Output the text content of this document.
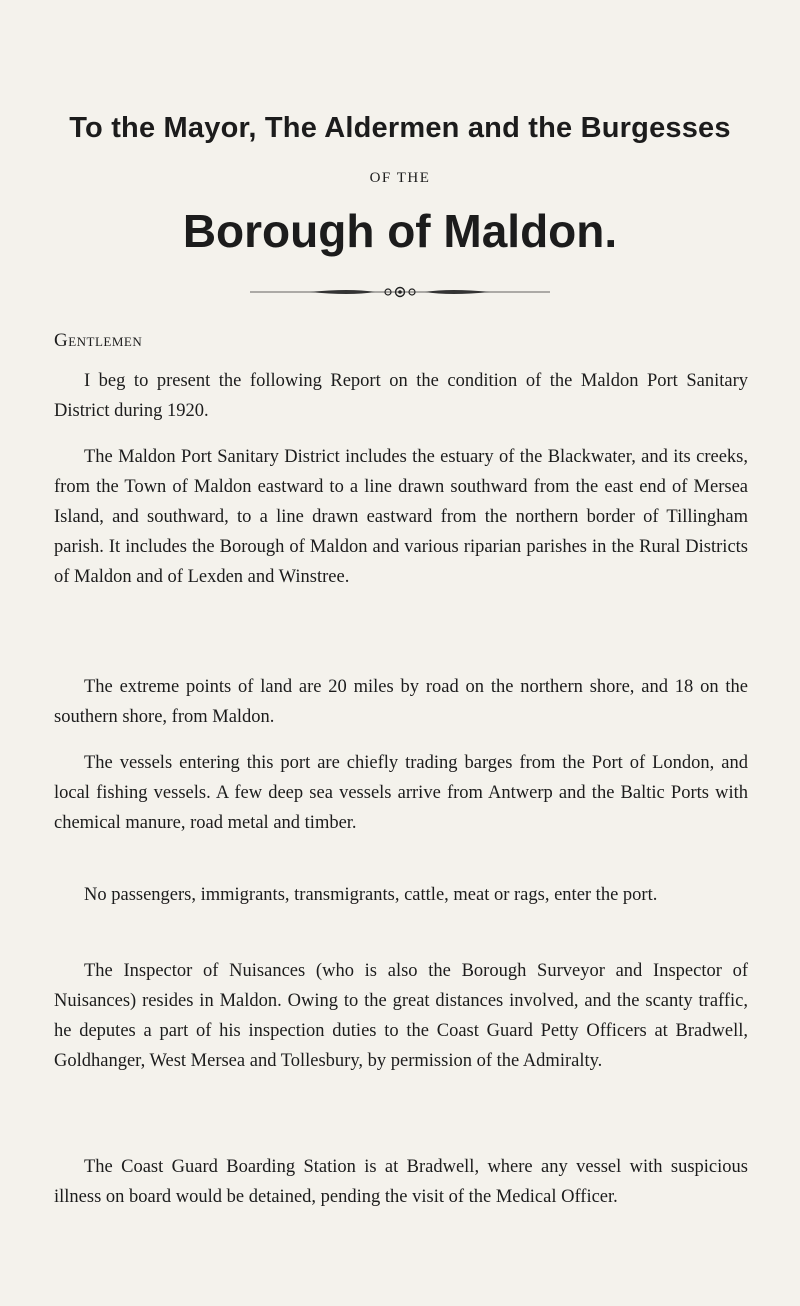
To the Mayor, The Aldermen and the Burgesses
OF THE
Borough of Maldon.
Gentlemen

I beg to present the following Report on the condition of the Maldon Port Sanitary District during 1920.

The Maldon Port Sanitary District includes the estuary of the Blackwater, and its creeks, from the Town of Maldon eastward to a line drawn southward from the east end of Mersea Island, and southward, to a line drawn eastward from the northern border of Tillingham parish. It includes the Borough of Maldon and various riparian parishes in the Rural Districts of Maldon and of Lexden and Winstree.

The extreme points of land are 20 miles by road on the northern shore, and 18 on the southern shore, from Maldon.

The vessels entering this port are chiefly trading barges from the Port of London, and local fishing vessels. A few deep sea vessels arrive from Antwerp and the Baltic Ports with chemical manure, road metal and timber.

No passengers, immigrants, transmigrants, cattle, meat or rags, enter the port.

The Inspector of Nuisances (who is also the Borough Surveyor and Inspector of Nuisances) resides in Maldon. Owing to the great distances involved, and the scanty traffic, he deputes a part of his inspection duties to the Coast Guard Petty Officers at Bradwell, Goldhanger, West Mersea and Tollesbury, by permission of the Admiralty.

The Coast Guard Boarding Station is at Bradwell, where any vessel with suspicious illness on board would be detained, pending the visit of the Medical Officer.
